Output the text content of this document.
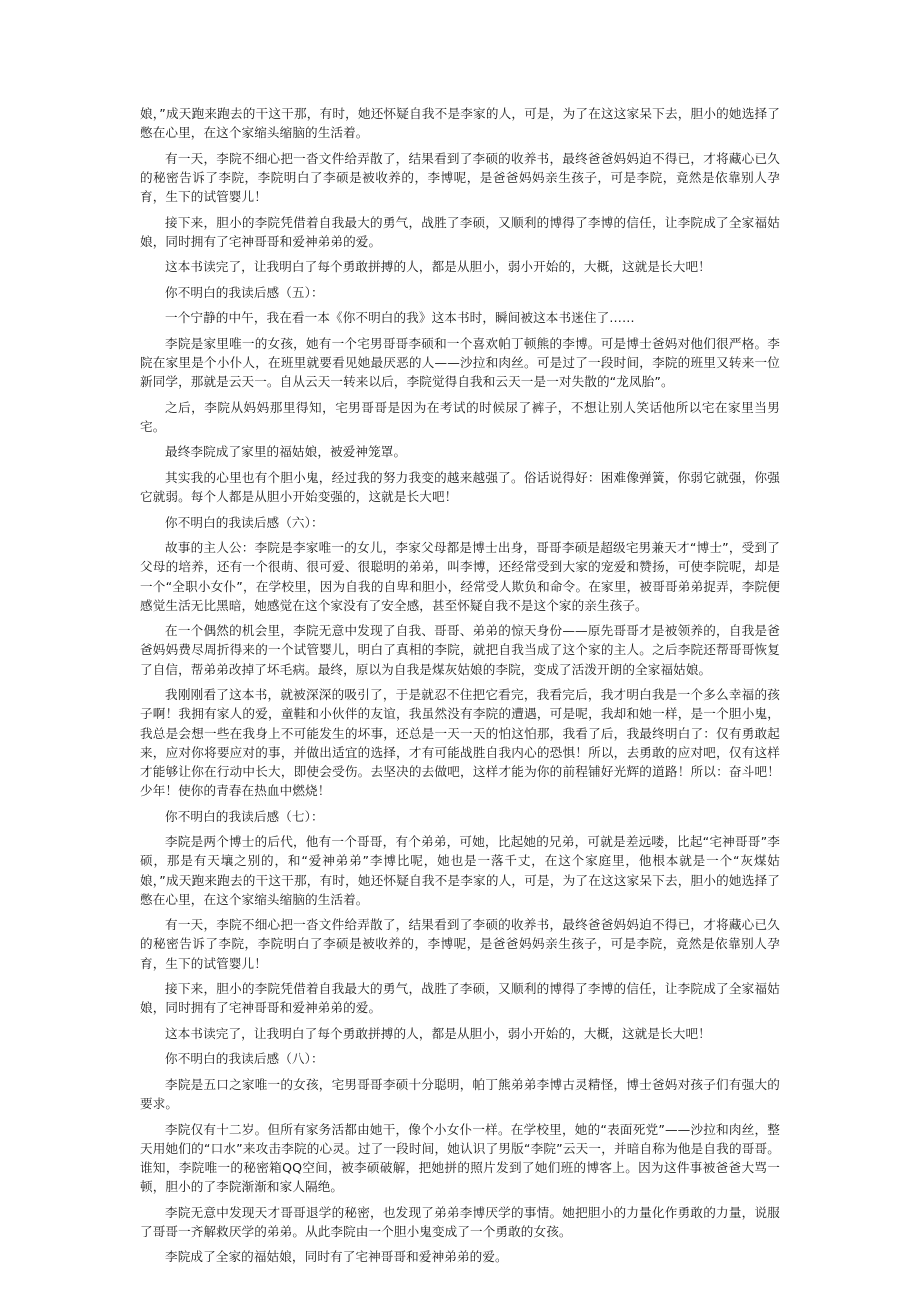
娘，”成天跑来跑去的干这干那，有时，她还怀疑自我不是李家的人，可是，为了在这这家呆下去，胆小的她选择了憋在心里，在这个家缩头缩脑的生活着。

有一天，李院不细心把一沓文件给弄散了，结果看到了李硕的收养书，最终爸爸妈妈迫不得已，才将藏心已久的秘密告诉了李院，李院明白了李硕是被收养的，李博呢，是爸爸妈妈亲生孩子，可是李院，竟然是依靠别人孕育，生下的试管婴儿！

接下来，胆小的李院凭借着自我最大的勇气，战胜了李硕，又顺利的博得了李博的信任，让李院成了全家福姑娘，同时拥有了宅神哥哥和爱神弟弟的爱。

这本书读完了，让我明白了每个勇敢拼搏的人，都是从胆小，弱小开始的，大概，这就是长大吧！

你不明白的我读后感（五）：

一个宁静的中午，我在看一本《你不明白的我》这本书时，瞬间被这本书迷住了……

李院是家里唯一的女孩，她有一个宅男哥哥李硕和一个喜欢帕丁顿熊的李博。可是博士爸妈对他们很严格。李院在家里是个小仆人，在班里就要看见她最厌恶的人——沙拉和肉丝。可是过了一段时间，李院的班里又转来一位新同学，那就是云天一。自从云天一转来以后，李院觉得自我和云天一是一对失散的“龙凤胎”。

之后，李院从妈妈那里得知，宅男哥哥是因为在考试的时候尿了裤子，不想让别人笑话他所以宅在家里当男宅。

最终李院成了家里的福姑娘，被爱神笼罩。

其实我的心里也有个胆小鬼，经过我的努力我变的越来越强了。俗话说得好：困难像弹簧，你弱它就强，你强它就弱。每个人都是从胆小开始变强的，这就是长大吧！

你不明白的我读后感（六）：

故事的主人公：李院是李家唯一的女儿，李家父母都是博士出身，哥哥李硕是超级宅男兼天才“博士”，受到了父母的培养，还有一个很萌、很可爱、很聪明的弟弟，叫李博，还经常受到大家的宠爱和赞扬，可使李院呢，却是一个“全职小女仆”，在学校里，因为自我的自卑和胆小，经常受人欺负和命令。在家里，被哥哥弟弟捉弄，李院便感觉生活无比黑暗，她感觉在这个家没有了安全感，甚至怀疑自我不是这个家的亲生孩子。

在一个偶然的机会里，李院无意中发现了自我、哥哥、弟弟的惊天身份——原先哥哥才是被领养的，自我是爸爸妈妈费尽周折得来的一个试管婴儿，明白了真相的李院，就把自我当成了这个家的主人。之后李院还帮哥哥恢复了自信，帮弟弟改掉了坏毛病。最终，原以为自我是煤灰姑娘的李院，变成了活泼开朗的全家福姑娘。

我刚刚看了这本书，就被深深的吸引了，于是就忍不住把它看完，我看完后，我才明白我是一个多么幸福的孩子啊！我拥有家人的爱，童鞋和小伙伴的友谊，我虽然没有李院的遭遇，可是呢，我却和她一样，是一个胆小鬼，我总是会想一些在我身上不可能发生的坏事，还总是一天一天的怕这怕那，我看了后，我最终明白了：仅有勇敢起来，应对你将要应对的事，并做出适宜的选择，才有可能战胜自我内心的恐惧！所以，去勇敢的应对吧，仅有这样才能够让你在行动中长大，即使会受伤。去坚决的去做吧，这样才能为你的前程铺好光辉的道路！所以：奋斗吧！少年！使你的青春在热血中燃烧！

你不明白的我读后感（七）：

李院是两个博士的后代，他有一个哥哥，有个弟弟，可她，比起她的兄弟，可就是差远喽，比起“宅神哥哥”李硕，那是有天壤之别的，和“爱神弟弟”李博比呢，她也是一落千丈，在这个家庭里，他根本就是一个“灰煤姑娘，”成天跑来跑去的干这干那，有时，她还怀疑自我不是李家的人，可是，为了在这这家呆下去，胆小的她选择了憋在心里，在这个家缩头缩脑的生活着。

有一天，李院不细心把一沓文件给弄散了，结果看到了李硕的收养书，最终爸爸妈妈迫不得已，才将藏心已久的秘密告诉了李院，李院明白了李硕是被收养的，李博呢，是爸爸妈妈亲生孩子，可是李院，竟然是依靠别人孕育，生下的试管婴儿！

接下来，胆小的李院凭借着自我最大的勇气，战胜了李硕，又顺利的博得了李博的信任，让李院成了全家福姑娘，同时拥有了宅神哥哥和爱神弟弟的爱。

这本书读完了，让我明白了每个勇敢拼搏的人，都是从胆小，弱小开始的，大概，这就是长大吧！

你不明白的我读后感（八）：

李院是五口之家唯一的女孩，宅男哥哥李硕十分聪明，帕丁熊弟弟李博古灵精怪，博士爸妈对孩子们有强大的要求。

李院仅有十二岁。但所有家务活都由她干，像个小女仆一样。在学校里，她的“表面死党”——沙拉和肉丝，整天用她们的“口水”来攻击李院的心灵。过了一段时间，她认识了男版“李院”云天一，并暗自称为他是自我的哥哥。谁知，李院唯一的秘密箱QQ空间，被李硕破解，把她拼的照片发到了她们班的博客上。因为这件事被爸爸大骂一顿，胆小的了李院渐渐和家人隔绝。

李院无意中发现天才哥哥退学的秘密，也发现了弟弟李博厌学的事情。她把胆小的力量化作勇敢的力量，说服了哥哥一齐解救厌学的弟弟。从此李院由一个胆小鬼变成了一个勇敢的女孩。

李院成了全家的福姑娘，同时有了宅神哥哥和爱神弟弟的爱。
